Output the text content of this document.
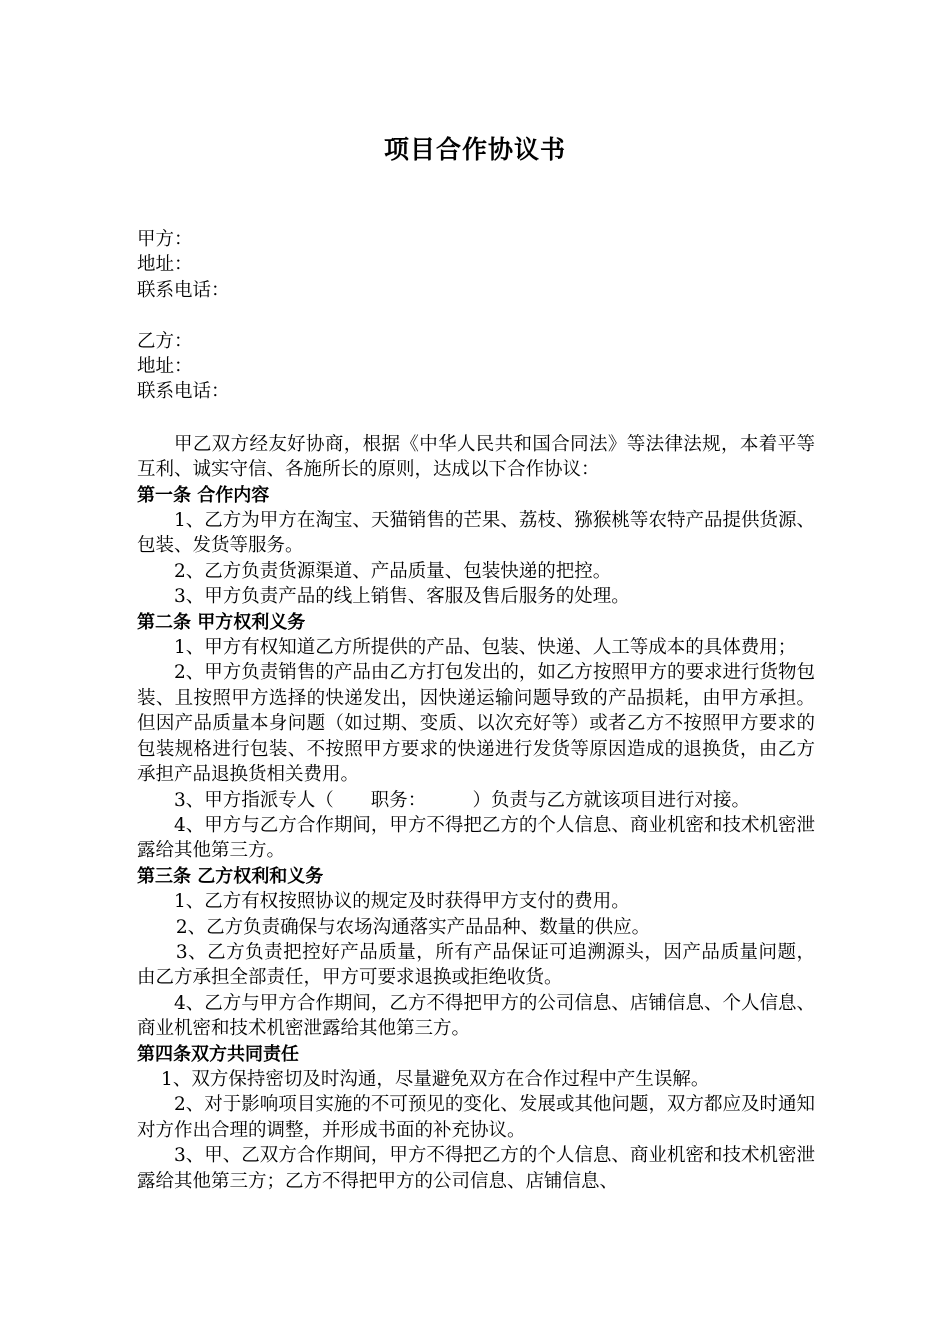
项目合作协议书
甲方：
地址：
联系电话：
乙方：
地址：
联系电话：

甲乙双方经友好协商，根据《中华人民共和国合同法》等法律法规，本着平等互利、诚实守信、各施所长的原则，达成以下合作协议：

第一条 合作内容

1、乙方为甲方在淘宝、天猫销售的芒果、荔枝、猕猴桃等农特产品提供货源、包装、发货等服务。

2、乙方负责货源渠道、产品质量、包装快递的把控。

3、甲方负责产品的线上销售、客服及售后服务的处理。

第二条 甲方权利义务

1、甲方有权知道乙方所提供的产品、包装、快递、人工等成本的具体费用；

2、甲方负责销售的产品由乙方打包发出的，如乙方按照甲方的要求进行货物包装、且按照甲方选择的快递发出，因快递运输问题导致的产品损耗，由甲方承担。但因产品质量本身问题（如过期、变质、以次充好等）或者乙方不按照甲方要求的包装规格进行包装、不按照甲方要求的快递进行发货等原因造成的退换货，由乙方承担产品退换货相关费用。

3、甲方指派专人（　　职务：　　　）负责与乙方就该项目进行对接。

4、甲方与乙方合作期间，甲方不得把乙方的个人信息、商业机密和技术机密泄露给其他第三方。

第三条 乙方权利和义务

1、乙方有权按照协议的规定及时获得甲方支付的费用。

2、乙方负责确保与农场沟通落实产品品种、数量的供应。

3、乙方负责把控好产品质量，所有产品保证可追溯源头，因产品质量问题，由乙方承担全部责任，甲方可要求退换或拒绝收货。

4、乙方与甲方合作期间，乙方不得把甲方的公司信息、店铺信息、个人信息、商业机密和技术机密泄露给其他第三方。

第四条双方共同责任

1、双方保持密切及时沟通，尽量避免双方在合作过程中产生误解。

2、对于影响项目实施的不可预见的变化、发展或其他问题，双方都应及时通知对方作出合理的调整，并形成书面的补充协议。

3、甲、乙双方合作期间，甲方不得把乙方的个人信息、商业机密和技术机密泄露给其他第三方；乙方不得把甲方的公司信息、店铺信息、
